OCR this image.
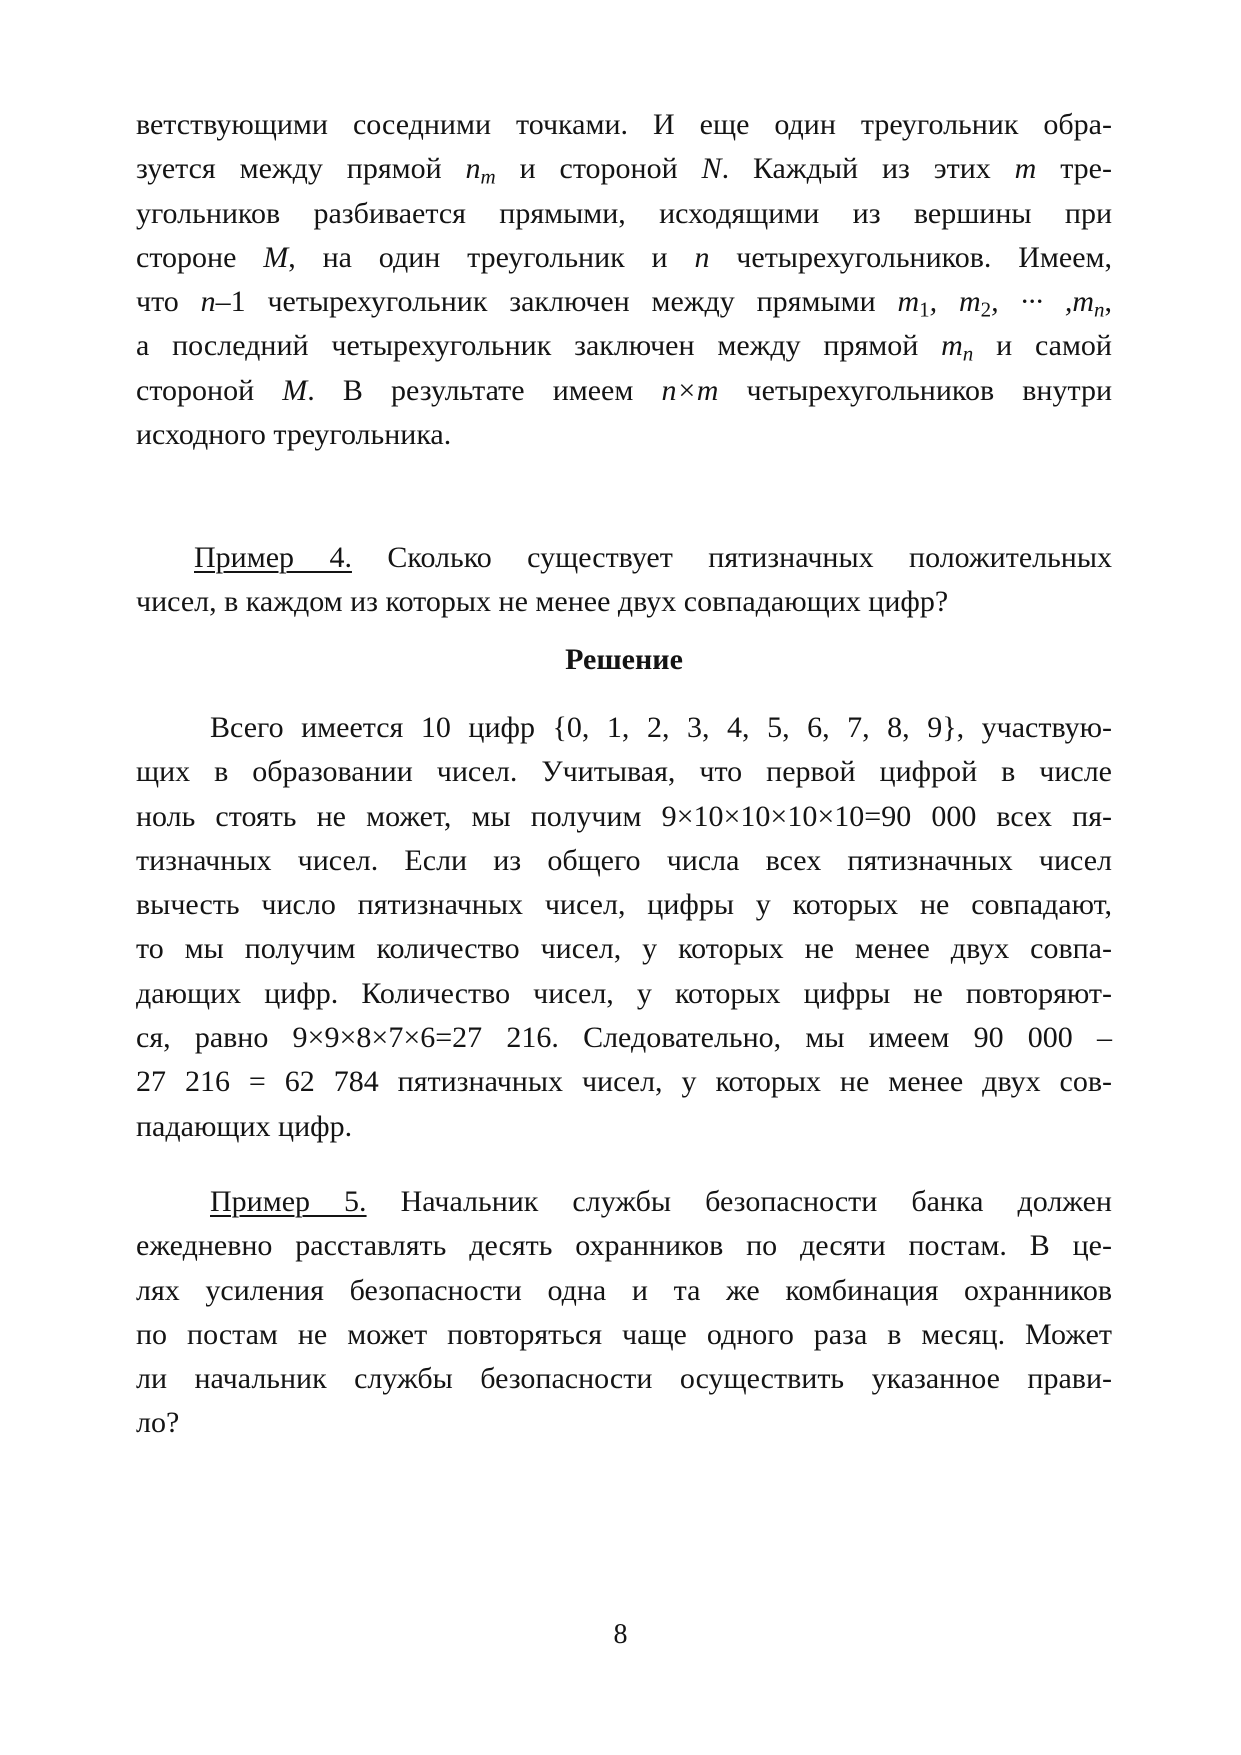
ветствующими соседними точками. И еще один треугольник обра-
зуется между прямой $n_m$ и стороной N. Каждый из этих m тре-
угольников разбивается прямыми, исходящими из вершины при
стороне M, на один треугольник и n четырехугольников. Имеем,
что n–1 четырехугольник заключен между прямыми $m_1$, $m_2$, ··· $,m_n$,
а последний четырехугольник заключен между прямой $m_n$ и самой
стороной M. В результате имеем n×m четырехугольников внутри
исходного треугольника.
Пример 4. Сколько существует пятизначных положительных
чисел, в каждом из которых не менее двух совпадающих цифр?
Решение
Всего имеется 10 цифр {0, 1, 2, 3, 4, 5, 6, 7, 8, 9}, участвую-
щих в образовании чисел. Учитывая, что первой цифрой в числе
ноль стоять не может, мы получим 9×10×10×10×10=90 000 всех пя-
тизначных чисел. Если из общего числа всех пятизначных чисел
вычесть число пятизначных чисел, цифры у которых не совпадают,
то мы получим количество чисел, у которых не менее двух совпа-
дающих цифр. Количество чисел, у которых цифры не повторяют-
ся, равно 9×9×8×7×6=27 216. Следовательно, мы имеем 90 000 –
27 216 = 62 784 пятизначных чисел, у которых не менее двух сов-
падающих цифр.
Пример 5. Начальник службы безопасности банка должен
ежедневно расставлять десять охранников по десяти постам. В це-
лях усиления безопасности одна и та же комбинация охранников
по постам не может повторяться чаще одного раза в месяц. Может
ли начальник службы безопасности осуществить указанное прави-
ло?
8
